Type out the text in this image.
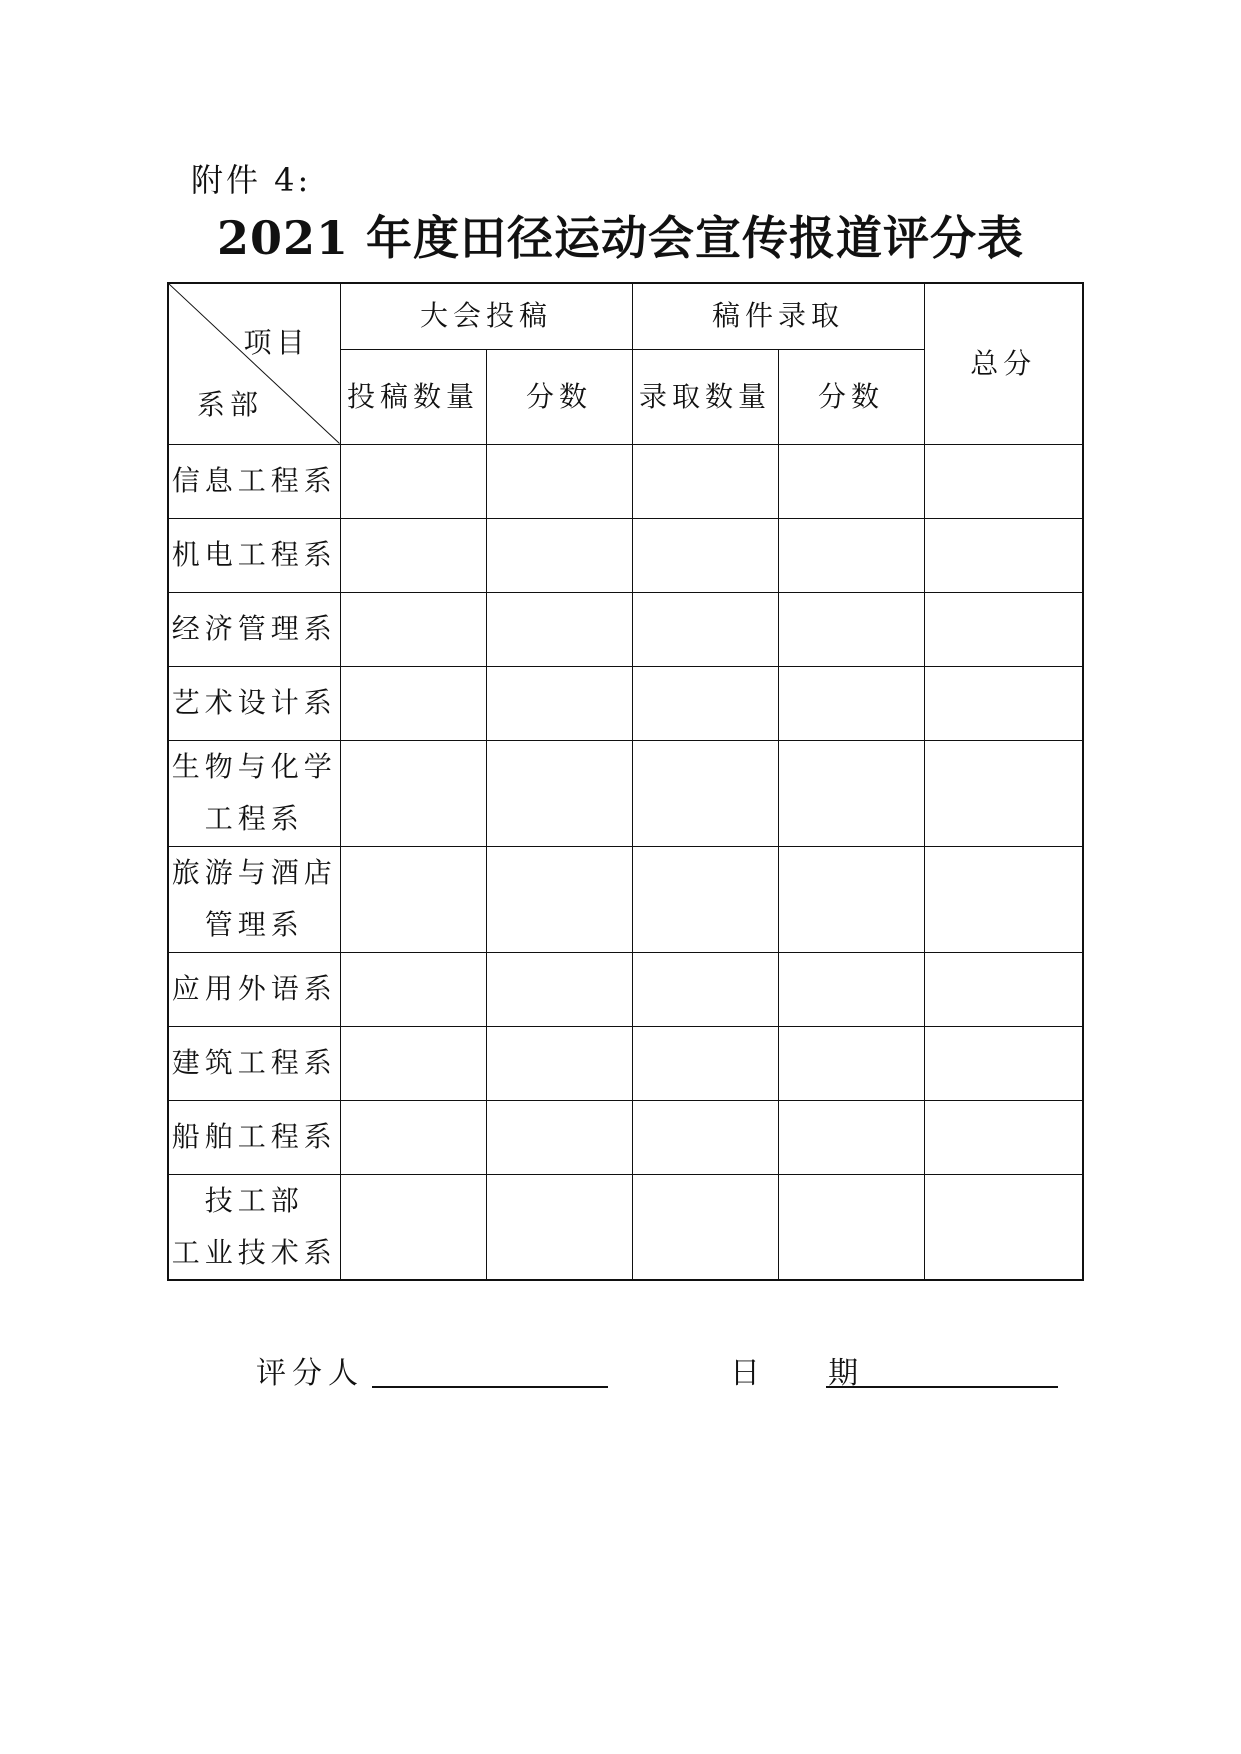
附件 4:
2021 年度田径运动会宣传报道评分表
项目
系部	大会投稿		稿件录取		总分
	投稿数量	分数	录取数量	分数	

信息工程系					

机电工程系					

经济管理系					

艺术设计系					

生物与化学
工程系					

旅游与酒店
管理系					

应用外语系					

建筑工程系					

船舶工程系					

技工部
工业技术系					

评分人	日    期
